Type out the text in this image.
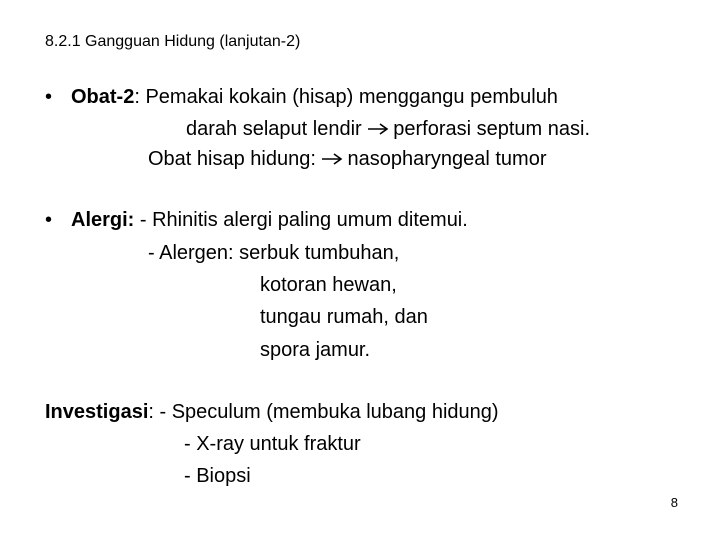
8.2.1 Gangguan Hidung (lanjutan-2)
• Obat-2: Pemakai kokain (hisap) menggangu pembuluh
darah selaput lendir perforasi septum nasi.
Obat hisap hidung: nasopharyngeal tumor
• Alergi: - Rhinitis alergi paling umum ditemui.
- Alergen: serbuk tumbuhan,
kotoran hewan,
tungau rumah, dan
spora jamur.
Investigasi: - Speculum (membuka lubang hidung)
- X-ray untuk fraktur
- Biopsi
8
